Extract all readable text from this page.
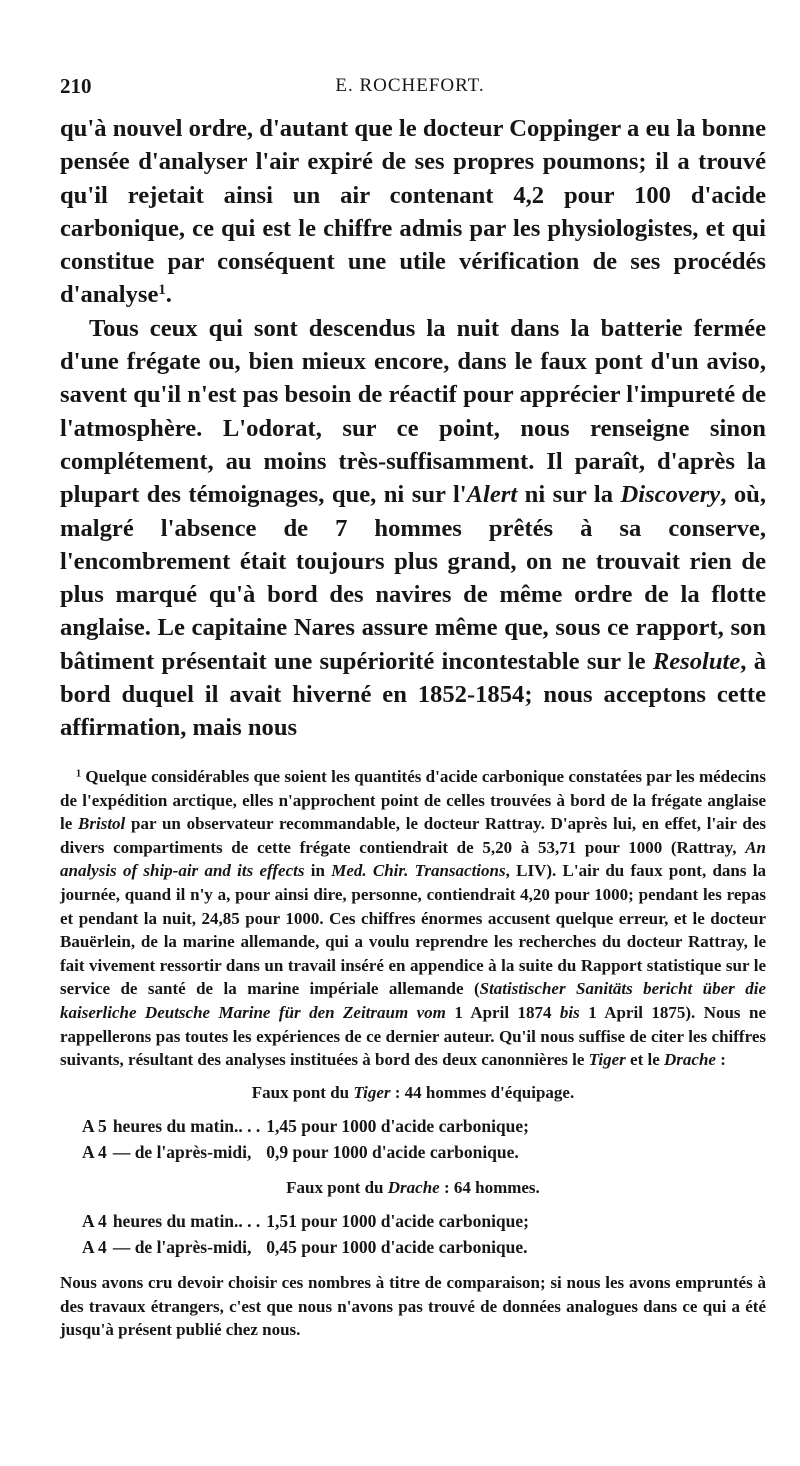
210	E. ROCHEFORT.

qu'à nouvel ordre, d'autant que le docteur Coppinger a eu la bonne pensée d'analyser l'air expiré de ses propres poumons; il a trouvé qu'il rejetait ainsi un air contenant 4,2 pour 100 d'acide carbonique, ce qui est le chiffre admis par les physiologistes, et qui constitue par conséquent une utile vérification de ses procédés d'analyse$^1$.

Tous ceux qui sont descendus la nuit dans la batterie fermée d'une frégate ou, bien mieux encore, dans le faux pont d'un aviso, savent qu'il n'est pas besoin de réactif pour apprécier l'impureté de l'atmosphère. L'odorat, sur ce point, nous renseigne sinon complétement, au moins très-suffisamment. Il paraît, d'après la plupart des témoignages, que, ni sur l'Alert ni sur la Discovery, où, malgré l'absence de 7 hommes prêtés à sa conserve, l'encombrement était toujours plus grand, on ne trouvait rien de plus marqué qu'à bord des navires de même ordre de la flotte anglaise. Le capitaine Nares assure même que, sous ce rapport, son bâtiment présentait une supériorité incontestable sur le Resolute, à bord duquel il avait hiverné en 1852-1854; nous acceptons cette affirmation, mais nous

$^1$ Quelque considérables que soient les quantités d'acide carbonique constatées par les médecins de l'expédition arctique, elles n'approchent point de celles trouvées à bord de la frégate anglaise le Bristol par un observateur recommandable, le docteur Rattray. D'après lui, en effet, l'air des divers compartiments de cette frégate contiendrait de 5,20 à 53,71 pour 1000 (Rattray, An analysis of ship-air and its effects in Med. Chir. Transactions, LIV). L'air du faux pont, dans la journée, quand il n'y a, pour ainsi dire, personne, contiendrait 4,20 pour 1000; pendant les repas et pendant la nuit, 24,85 pour 1000. Ces chiffres énormes accusent quelque erreur, et le docteur Bauërlein, de la marine allemande, qui a voulu reprendre les recherches du docteur Rattray, le fait vivement ressortir dans un travail inséré en appendice à la suite du Rapport statistique sur le service de santé de la marine impériale allemande (Statistischer Sanitäts bericht über die kaiserliche Deutsche Marine für den Zeitraum vom 1 April 1874 bis 1 April 1875). Nous ne rappellerons pas toutes les expériences de ce dernier auteur. Qu'il nous suffise de citer les chiffres suivants, résultant des analyses instituées à bord des deux canonnières le Tiger et le Drache :

Faux pont du Tiger : 44 hommes d'équipage.

A 5	heures du matin.. . .	1,45 pour 1000 d'acide carbonique;
A 4	— de l'après-midi,	0,9 pour 1000 d'acide carbonique.

Faux pont du Drache : 64 hommes.

A 4	heures du matin.. . .	1,51 pour 1000 d'acide carbonique;
A 4	— de l'après-midi,	0,45 pour 1000 d'acide carbonique.

Nous avons cru devoir choisir ces nombres à titre de comparaison; si nous les avons empruntés à des travaux étrangers, c'est que nous n'avons pas trouvé de données analogues dans ce qui a été jusqu'à présent publié chez nous.
